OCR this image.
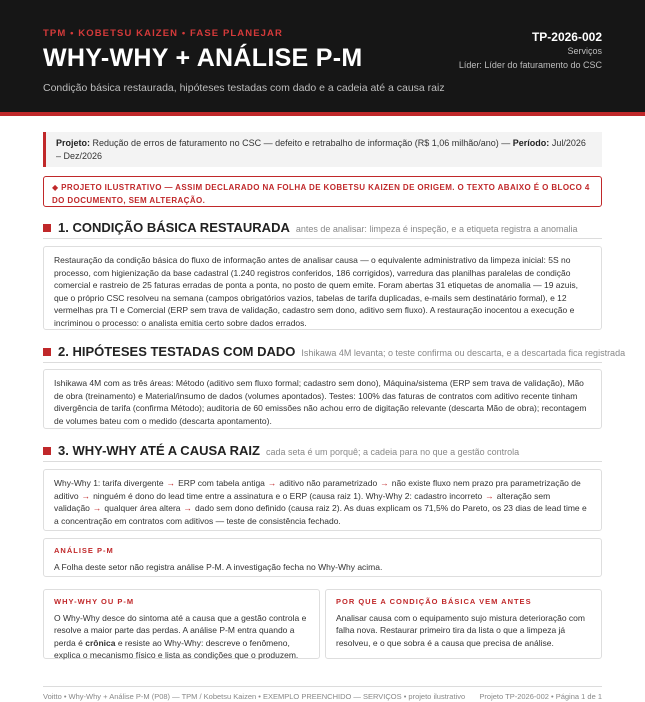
TPM • KOBETSU KAIZEN • FASE PLANEJAR
WHY-WHY + ANÁLISE P-M
Condição básica restaurada, hipóteses testadas com dado e a cadeia até a causa raiz
TP-2026-002
Serviços
Líder: Líder do faturamento do CSC
Projeto: Redução de erros de faturamento no CSC — defeito e retrabalho de informação (R$ 1,06 milhão/ano) — Período: Jul/2026 – Dez/2026
◆ PROJETO ILUSTRATIVO — ASSIM DECLARADO NA FOLHA DE KOBETSU KAIZEN DE ORIGEM. O TEXTO ABAIXO É O BLOCO 4 DO DOCUMENTO, SEM ALTERAÇÃO.
1. CONDIÇÃO BÁSICA RESTAURADA antes de analisar: limpeza é inspeção, e a etiqueta registra a anomalia
Restauração da condição básica do fluxo de informação antes de analisar causa — o equivalente administrativo da limpeza inicial: 5S no processo, com higienização da base cadastral (1.240 registros conferidos, 186 corrigidos), varredura das planilhas paralelas de condição comercial e rastreio de 25 faturas erradas de ponta a ponta, no posto de quem emite. Foram abertas 31 etiquetas de anomalia — 19 azuis, que o próprio CSC resolveu na semana (campos obrigatórios vazios, tabelas de tarifa duplicadas, e-mails sem destinatário formal), e 12 vermelhas pra TI e Comercial (ERP sem trava de validação, cadastro sem dono, aditivo sem fluxo). A restauração inocentou a execução e incriminou o processo: o analista emitia certo sobre dados errados.
2. HIPÓTESES TESTADAS COM DADO Ishikawa 4M levanta; o teste confirma ou descarta, e a descartada fica registrada
Ishikawa 4M com as três áreas: Método (aditivo sem fluxo formal; cadastro sem dono), Máquina/sistema (ERP sem trava de validação), Mão de obra (treinamento) e Material/insumo de dados (volumes apontados). Testes: 100% das faturas de contratos com aditivo recente tinham divergência de tarifa (confirma Método); auditoria de 60 emissões não achou erro de digitação relevante (descarta Mão de obra); recontagem de volumes bateu com o medido (descarta apontamento).
3. WHY-WHY ATÉ A CAUSA RAIZ cada seta é um porquê; a cadeia para no que a gestão controla
Why-Why 1: tarifa divergente → ERP com tabela antiga → aditivo não parametrizado → não existe fluxo nem prazo pra parametrização de aditivo → ninguém é dono do lead time entre a assinatura e o ERP (causa raiz 1). Why-Why 2: cadastro incorreto → alteração sem validação → qualquer área altera → dado sem dono definido (causa raiz 2). As duas explicam os 71,5% do Pareto, os 23 dias de lead time e a concentração em contratos com aditivos — teste de consistência fechado.
ANÁLISE P-M
A Folha deste setor não registra análise P-M. A investigação fecha no Why-Why acima.
WHY-WHY OU P-M
O Why-Why desce do sintoma até a causa que a gestão controla e resolve a maior parte das perdas. A análise P-M entra quando a perda é crônica e resiste ao Why-Why: descreve o fenômeno, explica o mecanismo físico e lista as condições que o produzem.
POR QUE A CONDIÇÃO BÁSICA VEM ANTES
Analisar causa com o equipamento sujo mistura deterioração com falha nova. Restaurar primeiro tira da lista o que a limpeza já resolveu, e o que sobra é a causa que precisa de análise.
Voitto • Why-Why + Análise P-M (P08) — TPM / Kobetsu Kaizen • EXEMPLO PREENCHIDO — SERVIÇOS • projeto ilustrativo Projeto TP-2026-002 • Página 1 de 1
